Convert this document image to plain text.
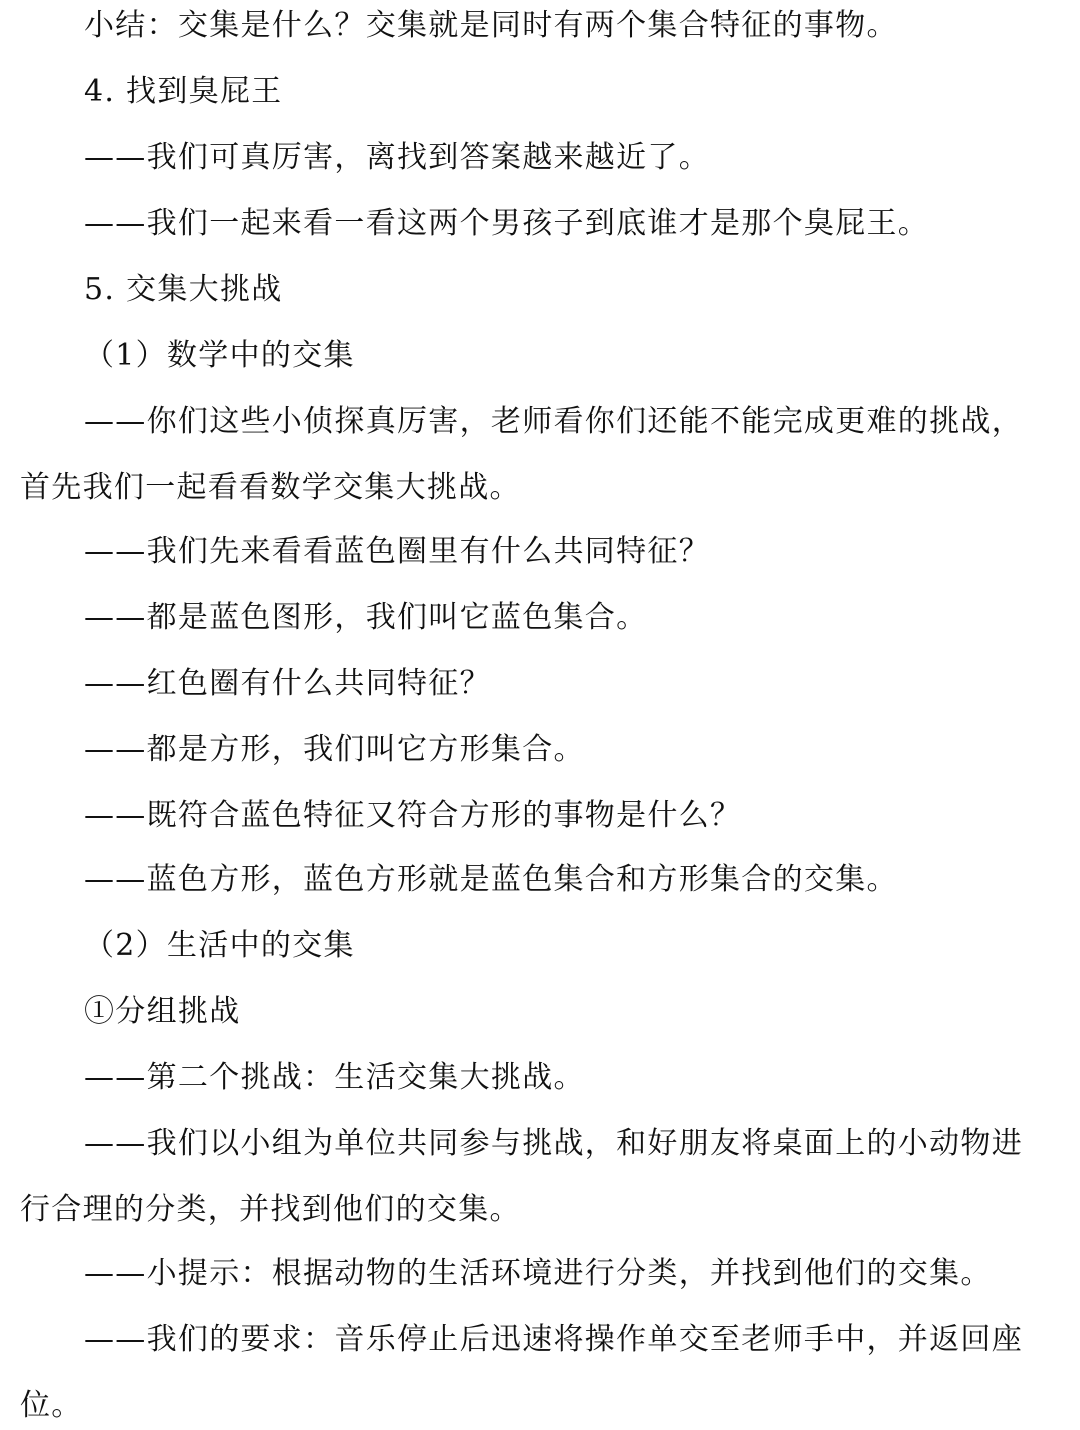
小结：交集是什么？交集就是同时有两个集合特征的事物。
4. 找到臭屁王
——我们可真厉害，离找到答案越来越近了。
——我们一起来看一看这两个男孩子到底谁才是那个臭屁王。
5. 交集大挑战
（1）数学中的交集
——你们这些小侦探真厉害，老师看你们还能不能完成更难的挑战，
首先我们一起看看数学交集大挑战。
——我们先来看看蓝色圈里有什么共同特征？
——都是蓝色图形，我们叫它蓝色集合。
——红色圈有什么共同特征？
——都是方形，我们叫它方形集合。
——既符合蓝色特征又符合方形的事物是什么？
——蓝色方形，蓝色方形就是蓝色集合和方形集合的交集。
（2）生活中的交集
①分组挑战
——第二个挑战：生活交集大挑战。
——我们以小组为单位共同参与挑战，和好朋友将桌面上的小动物进
行合理的分类，并找到他们的交集。
——小提示：根据动物的生活环境进行分类，并找到他们的交集。
——我们的要求：音乐停止后迅速将操作单交至老师手中，并返回座
位。
